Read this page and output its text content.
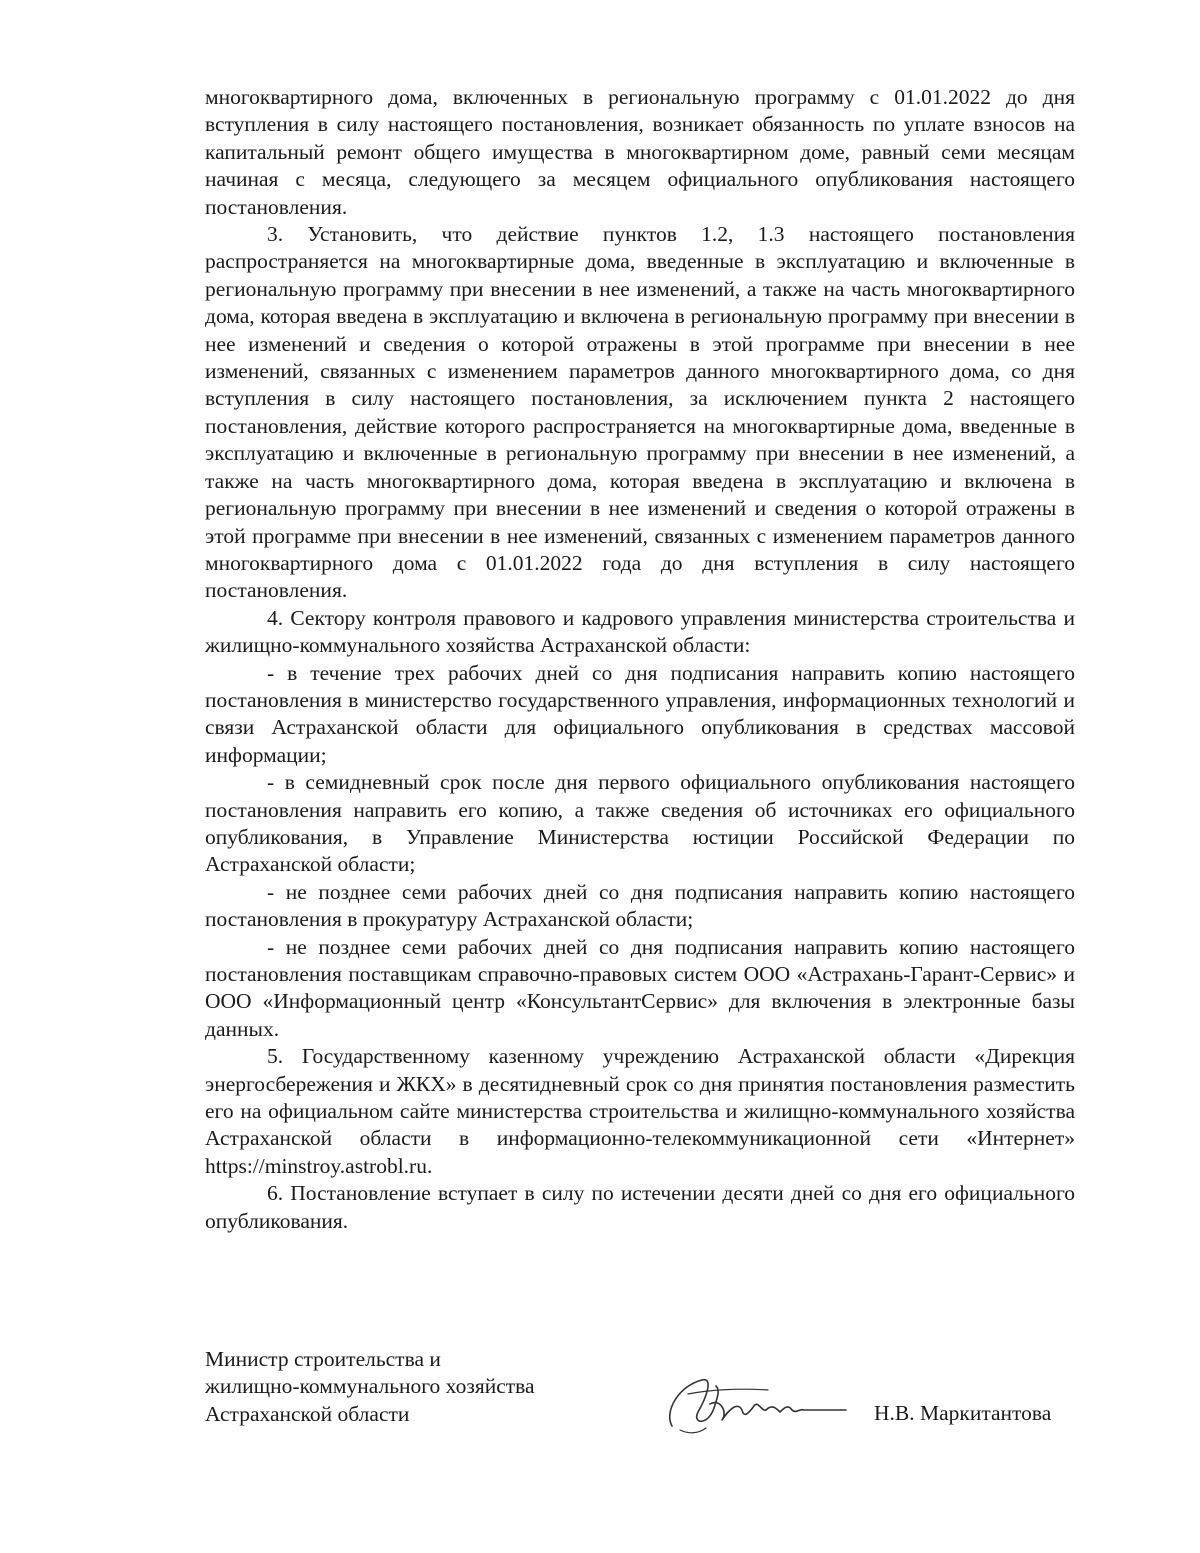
многоквартирного дома, включенных в региональную программу с 01.01.2022 до дня вступления в силу настоящего постановления, возникает обязанность по уплате взносов на капитальный ремонт общего имущества в многоквартирном доме, равный семи месяцам начиная с месяца, следующего за месяцем официального опубликования настоящего постановления.

3. Установить, что действие пунктов 1.2, 1.3 настоящего постановления распространяется на многоквартирные дома, введенные в эксплуатацию и включенные в региональную программу при внесении в нее изменений, а также на часть многоквартирного дома, которая введена в эксплуатацию и включена в региональную программу при внесении в нее изменений и сведения о которой отражены в этой программе при внесении в нее изменений, связанных с изменением параметров данного многоквартирного дома, со дня вступления в силу настоящего постановления, за исключением пункта 2 настоящего постановления, действие которого распространяется на многоквартирные дома, введенные в эксплуатацию и включенные в региональную программу при внесении в нее изменений, а также на часть многоквартирного дома, которая введена в эксплуатацию и включена в региональную программу при внесении в нее изменений и сведения о которой отражены в этой программе при внесении в нее изменений, связанных с изменением параметров данного многоквартирного дома с 01.01.2022 года до дня вступления в силу настоящего постановления.

4. Сектору контроля правового и кадрового управления министерства строительства и жилищно-коммунального хозяйства Астраханской области:

- в течение трех рабочих дней со дня подписания направить копию настоящего постановления в министерство государственного управления, информационных технологий и связи Астраханской области для официального опубликования в средствах массовой информации;

- в семидневный срок после дня первого официального опубликования настоящего постановления направить его копию, а также сведения об источниках его официального опубликования, в Управление Министерства юстиции Российской Федерации по Астраханской области;

- не позднее семи рабочих дней со дня подписания направить копию настоящего постановления в прокуратуру Астраханской области;

- не позднее семи рабочих дней со дня подписания направить копию настоящего постановления поставщикам справочно-правовых систем ООО «Астрахань-Гарант-Сервис» и ООО «Информационный центр «КонсультантСервис» для включения в электронные базы данных.

5. Государственному казенному учреждению Астраханской области «Дирекция энергосбережения и ЖКХ» в десятидневный срок со дня принятия постановления разместить его на официальном сайте министерства строительства и жилищно-коммунального хозяйства Астраханской области в информационно-телекоммуникационной сети «Интернет» https://minstroy.astrobl.ru.

6. Постановление вступает в силу по истечении десяти дней со дня его официального опубликования.

Министр строительства и
жилищно-коммунального хозяйства
Астраханской области	Н.В. Маркитантова
